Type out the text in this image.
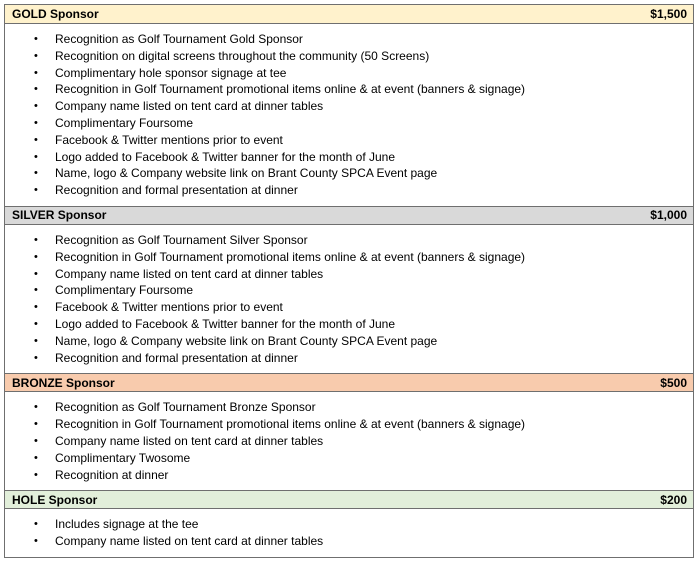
GOLD Sponsor	$1,500
• Recognition as Golf Tournament Gold Sponsor
• Recognition on digital screens throughout the community (50 Screens)
• Complimentary hole sponsor signage at tee
• Recognition in Golf Tournament promotional items online & at event (banners & signage)
• Company name listed on tent card at dinner tables
• Complimentary Foursome
• Facebook & Twitter mentions prior to event
• Logo added to Facebook & Twitter banner for the month of June
• Name, logo & Company website link on Brant County SPCA Event page
• Recognition and formal presentation at dinner
SILVER Sponsor	$1,000
• Recognition as Golf Tournament Silver Sponsor
• Recognition in Golf Tournament promotional items online & at event (banners & signage)
• Company name listed on tent card at dinner tables
• Complimentary Foursome
• Facebook & Twitter mentions prior to event
• Logo added to Facebook & Twitter banner for the month of June
• Name, logo & Company website link on Brant County SPCA Event page
• Recognition and formal presentation at dinner
BRONZE Sponsor	$500
• Recognition as Golf Tournament Bronze Sponsor
• Recognition in Golf Tournament promotional items online & at event (banners & signage)
• Company name listed on tent card at dinner tables
• Complimentary Twosome
• Recognition at dinner
HOLE Sponsor	$200
• Includes signage at the tee
• Company name listed on tent card at dinner tables
